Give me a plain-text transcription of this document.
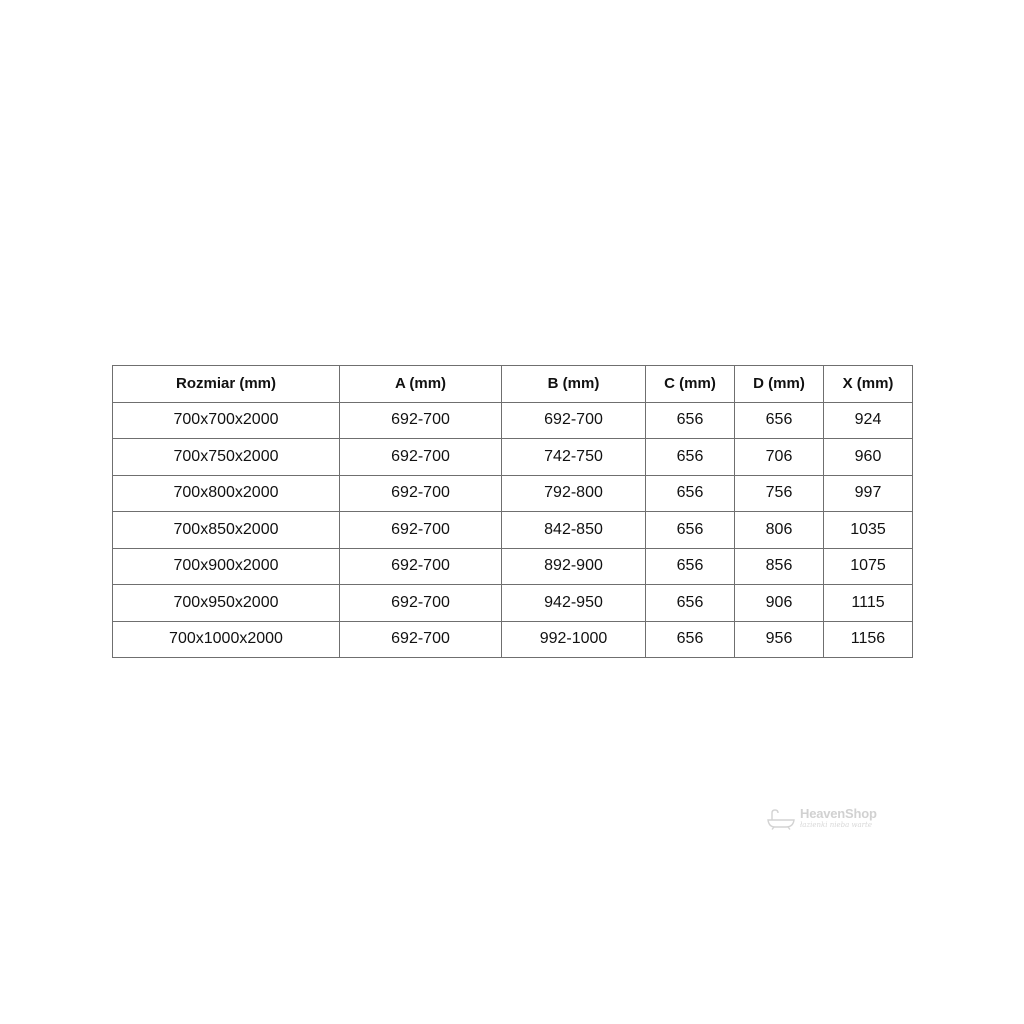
Rozmiar (mm)	A (mm)	B (mm)	C (mm)	D (mm)	X (mm)
700x700x2000	692-700	692-700	656	656	924
700x750x2000	692-700	742-750	656	706	960
700x800x2000	692-700	792-800	656	756	997
700x850x2000	692-700	842-850	656	806	1035
700x900x2000	692-700	892-900	656	856	1075
700x950x2000	692-700	942-950	656	906	1115
700x1000x2000	692-700	992-1000	656	956	1156
HeavenShop
łazienki nieba warte
